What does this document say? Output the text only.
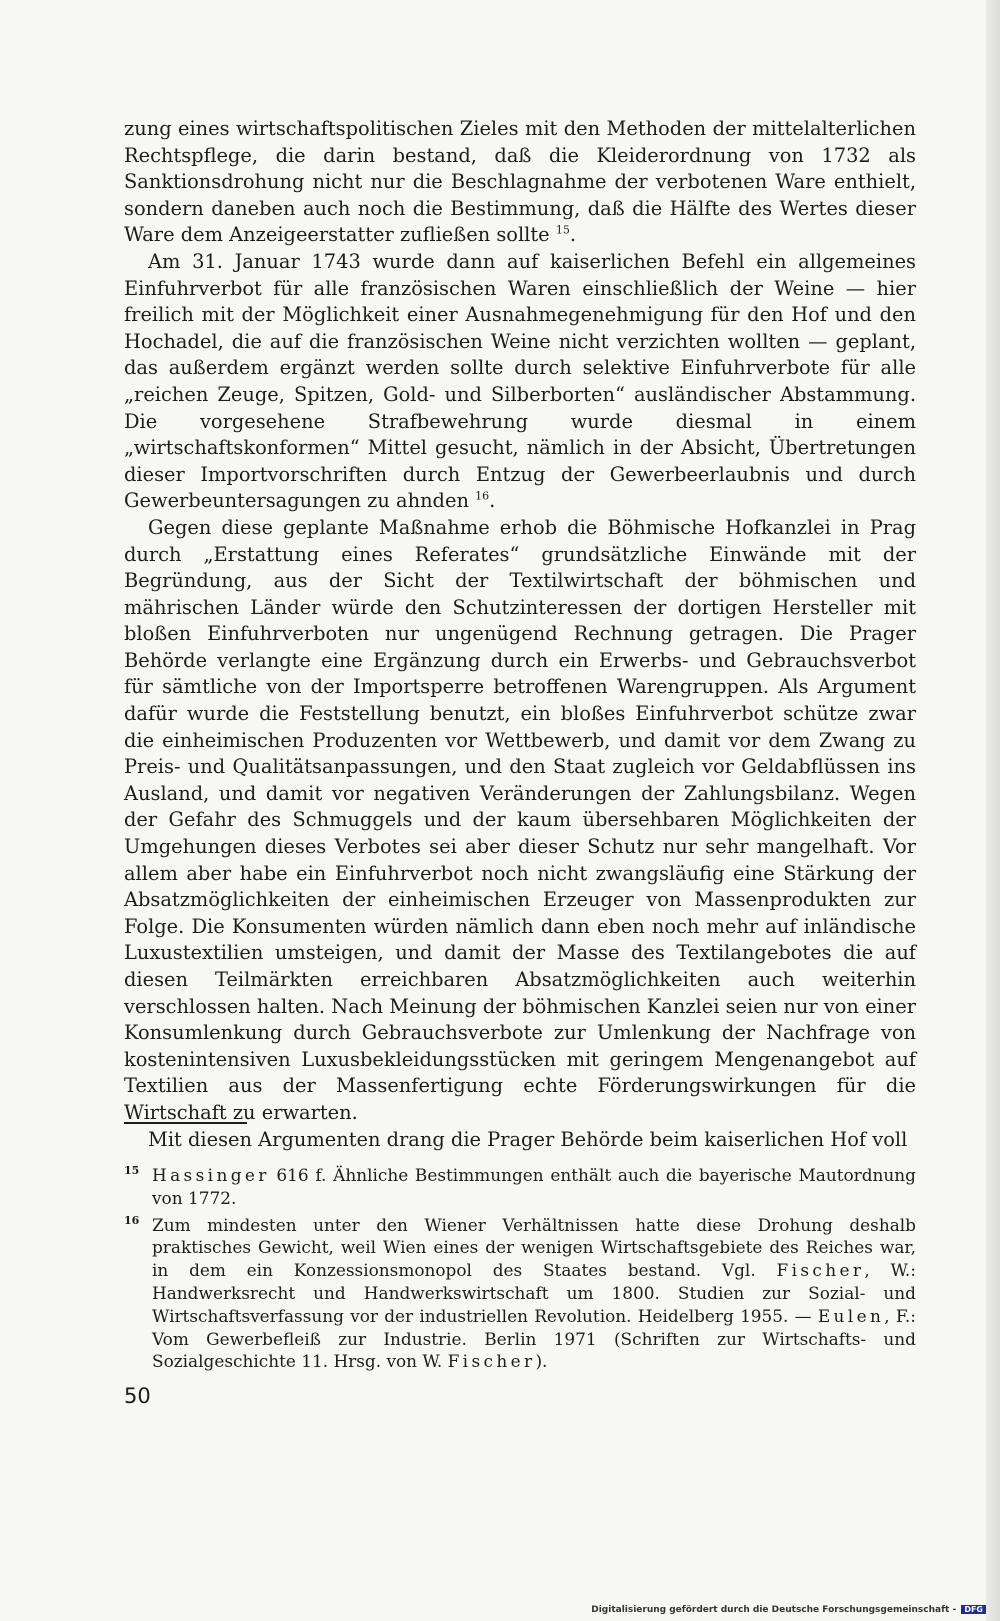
zung eines wirtschaftspolitischen Zieles mit den Methoden der mittelalterlichen Rechtspflege, die darin bestand, daß die Kleiderordnung von 1732 als Sanktionsdrohung nicht nur die Beschlagnahme der verbotenen Ware enthielt, sondern daneben auch noch die Bestimmung, daß die Hälfte des Wertes dieser Ware dem Anzeigeerstatter zufließen sollte $^{15}$.

Am 31. Januar 1743 wurde dann auf kaiserlichen Befehl ein allgemeines Einfuhrverbot für alle französischen Waren einschließlich der Weine — hier freilich mit der Möglichkeit einer Ausnahmegenehmigung für den Hof und den Hochadel, die auf die französischen Weine nicht verzichten wollten — geplant, das außerdem ergänzt werden sollte durch selektive Einfuhrverbote für alle „reichen Zeuge, Spitzen, Gold- und Silberborten“ ausländischer Abstammung. Die vorgesehene Strafbewehrung wurde diesmal in einem „wirtschaftskonformen“ Mittel gesucht, nämlich in der Absicht, Übertretungen dieser Importvorschriften durch Entzug der Gewerbeerlaubnis und durch Gewerbeuntersagungen zu ahnden $^{16}$.

Gegen diese geplante Maßnahme erhob die Böhmische Hofkanzlei in Prag durch „Erstattung eines Referates“ grundsätzliche Einwände mit der Begründung, aus der Sicht der Textilwirtschaft der böhmischen und mährischen Länder würde den Schutzinteressen der dortigen Hersteller mit bloßen Einfuhrverboten nur ungenügend Rechnung getragen. Die Prager Behörde verlangte eine Ergänzung durch ein Erwerbs- und Gebrauchsverbot für sämtliche von der Importsperre betroffenen Warengruppen. Als Argument dafür wurde die Feststellung benutzt, ein bloßes Einfuhrverbot schütze zwar die einheimischen Produzenten vor Wettbewerb, und damit vor dem Zwang zu Preis- und Qualitätsanpassungen, und den Staat zugleich vor Geldabflüssen ins Ausland, und damit vor negativen Veränderungen der Zahlungsbilanz. Wegen der Gefahr des Schmuggels und der kaum übersehbaren Möglichkeiten der Umgehungen dieses Verbotes sei aber dieser Schutz nur sehr mangelhaft. Vor allem aber habe ein Einfuhrverbot noch nicht zwangsläufig eine Stärkung der Absatzmöglichkeiten der einheimischen Erzeuger von Massenprodukten zur Folge. Die Konsumenten würden nämlich dann eben noch mehr auf inländische Luxustextilien umsteigen, und damit der Masse des Textilangebotes die auf diesen Teilmärkten erreichbaren Absatzmöglichkeiten auch weiterhin verschlossen halten. Nach Meinung der böhmischen Kanzlei seien nur von einer Konsumlenkung durch Gebrauchsverbote zur Umlenkung der Nachfrage von kostenintensiven Luxusbekleidungsstücken mit geringem Mengenangebot auf Textilien aus der Massenfertigung echte Förderungswirkungen für die Wirtschaft zu erwarten.

Mit diesen Argumenten drang die Prager Behörde beim kaiserlichen Hof voll

15 Hassinger 616 f. Ähnliche Bestimmungen enthält auch die bayerische Mautordnung von 1772.
16 Zum mindesten unter den Wiener Verhältnissen hatte diese Drohung deshalb praktisches Gewicht, weil Wien eines der wenigen Wirtschaftsgebiete des Reiches war, in dem ein Konzessionsmonopol des Staates bestand. Vgl. Fischer, W.: Handwerksrecht und Handwerkswirtschaft um 1800. Studien zur Sozial- und Wirtschaftsverfassung vor der industriellen Revolution. Heidelberg 1955. — Eulen, F.: Vom Gewerbefleiß zur Industrie. Berlin 1971 (Schriften zur Wirtschafts- und Sozialgeschichte 11. Hrsg. von W. Fischer).
50
Digitalisierung gefördert durch die Deutsche Forschungsgemeinschaft - DFG
